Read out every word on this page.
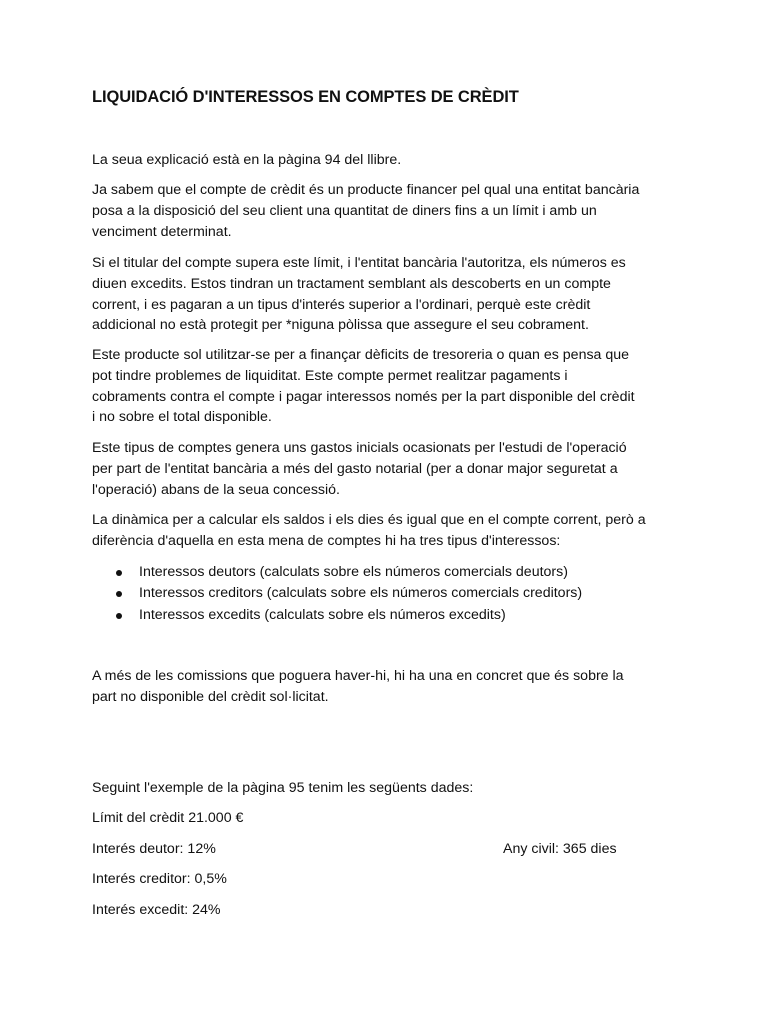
LIQUIDACIÓ D'INTERESSOS EN COMPTES DE CRÈDIT

La seua explicació està en la pàgina 94 del llibre.

Ja sabem que el compte de crèdit és un producte financer pel qual una entitat bancària
posa a la disposició del seu client una quantitat de diners fins a un límit i amb un
venciment determinat.

Si el titular del compte supera este límit, i l'entitat bancària l'autoritza, els números es
diuen excedits. Estos tindran un tractament semblant als descoberts en un compte
corrent, i es pagaran a un tipus d'interés superior a l'ordinari, perquè este crèdit
addicional no està protegit per *niguna pòlissa que assegure el seu cobrament.

Este producte sol utilitzar-se per a finançar dèficits de tresoreria o quan es pensa que
pot tindre problemes de liquiditat. Este compte permet realitzar pagaments i
cobraments contra el compte i pagar interessos només per la part disponible del crèdit
i no sobre el total disponible.

Este tipus de comptes genera uns gastos inicials ocasionats per l'estudi de l'operació
per part de l'entitat bancària a més del gasto notarial (per a donar major seguretat a
l'operació) abans de la seua concessió.

La dinàmica per a calcular els saldos i els dies és igual que en el compte corrent, però a
diferència d'aquella en esta mena de comptes hi ha tres tipus d'interessos:

Interessos deutors (calculats sobre els números comercials deutors)
Interessos creditors (calculats sobre els números comercials creditors)
Interessos excedits (calculats sobre els números excedits)

A més de les comissions que poguera haver-hi, hi ha una en concret que és sobre la
part no disponible del crèdit sol·licitat.

Seguint l'exemple de la pàgina 95 tenim les següents dades:
Límit del crèdit 21.000 €
Interés deutor: 12%	Any civil: 365 dies
Interés creditor: 0,5%
Interés excedit: 24%
